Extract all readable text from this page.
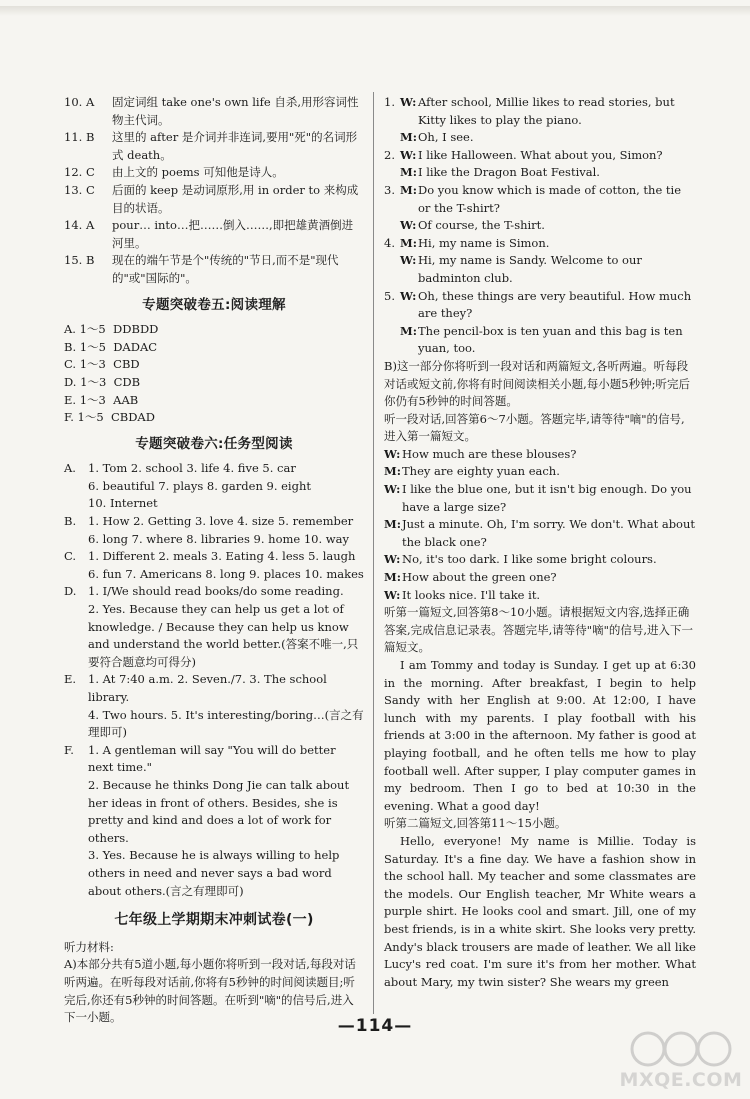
10. A	固定词组 take one's own life 自杀,用形容词性物主代词。
11. B	这里的 after 是介词并非连词,要用"死"的名词形式 death。
12. C	由上文的 poems 可知他是诗人。
13. C	后面的 keep 是动词原形,用 in order to 来构成目的状语。
14. A	pour… into…把……倒入……,即把雄黄酒倒进河里。
15. B	现在的端午节是个"传统的"节日,而不是"现代的"或"国际的"。
专题突破卷五:阅读理解

A. 1～5  DDBDD

B. 1～5  DADAC

C. 1～3  CBD

D. 1～3  CDB

E. 1～3  AAB

F. 1～5  CBDAD

专题突破卷六:任务型阅读
A.	1. Tom 2. school 3. life 4. five 5. car

6. beautiful 7. plays 8. garden 9. eight

10. Internet

B.	1. How 2. Getting 3. love 4. size 5. remember

6. long 7. where 8. libraries 9. home 10. way

C.	1. Different 2. meals 3. Eating 4. less 5. laugh

6. fun 7. Americans 8. long 9. places 10. makes

D.	1. I/We should read books/do some reading.

2. Yes. Because they can help us get a lot of knowledge. / Because they can help us know and understand the world better.(答案不唯一,只要符合题意均可得分)

E.	1. At 7:40 a.m. 2. Seven./7. 3. The school library.

4. Two hours. 5. It's interesting/boring…(言之有理即可)

F.	1. A gentleman will say "You will do better next time."

2. Because he thinks Dong Jie can talk about her ideas in front of others. Besides, she is pretty and kind and does a lot of work for others.

3. Yes. Because he is always willing to help others in need and never says a bad word about others.(言之有理即可)

七年级上学期期末冲刺试卷(一)

听力材料:

A)本部分共有5道小题,每小题你将听到一段对话,每段对话听两遍。在听每段对话前,你将有5秒钟的时间阅读题目;听完后,你还有5秒钟的时间答题。在听到"嘀"的信号后,进入下一小题。

1. W: After school, Millie likes to read stories, but Kitty likes to play the piano.
M: Oh, I see.
2. W: I like Halloween. What about you, Simon?
M: I like the Dragon Boat Festival.
3. M: Do you know which is made of cotton, the tie or the T-shirt?
W: Of course, the T-shirt.
4. M: Hi, my name is Simon.
W: Hi, my name is Sandy. Welcome to our badminton club.
5. W: Oh, these things are very beautiful. How much are they?
M: The pencil-box is ten yuan and this bag is ten yuan, too.

B)这一部分你将听到一段对话和两篇短文,各听两遍。听每段对话或短文前,你将有时间阅读相关小题,每小题5秒钟;听完后你仍有5秒钟的时间答题。

听一段对话,回答第6～7小题。答题完毕,请等待"嘀"的信号,进入第一篇短文。

W: How much are these blouses?
M: They are eighty yuan each.
W: I like the blue one, but it isn't big enough. Do you have a large size?
M: Just a minute. Oh, I'm sorry. We don't. What about the black one?
W: No, it's too dark. I like some bright colours.
M: How about the green one?
W: It looks nice. I'll take it.

听第一篇短文,回答第8～10小题。请根据短文内容,选择正确答案,完成信息记录表。答题完毕,请等待"嘀"的信号,进入下一篇短文。

I am Tommy and today is Sunday. I get up at 6:30 in the morning. After breakfast, I begin to help Sandy with her English at 9:00. At 12:00, I have lunch with my parents. I play football with his friends at 3:00 in the afternoon. My father is good at playing football, and he often tells me how to play football well. After supper, I play computer games in my bedroom. Then I go to bed at 10:30 in the evening. What a good day!

听第二篇短文,回答第11～15小题。

Hello, everyone! My name is Millie. Today is Saturday. It's a fine day. We have a fashion show in the school hall. My teacher and some classmates are the models. Our English teacher, Mr White wears a purple shirt. He looks cool and smart. Jill, one of my best friends, is in a white skirt. She looks very pretty. Andy's black trousers are made of leather. We all like Lucy's red coat. I'm sure it's from her mother. What about Mary, my twin sister? She wears my green

—114—
MXQE.COM
